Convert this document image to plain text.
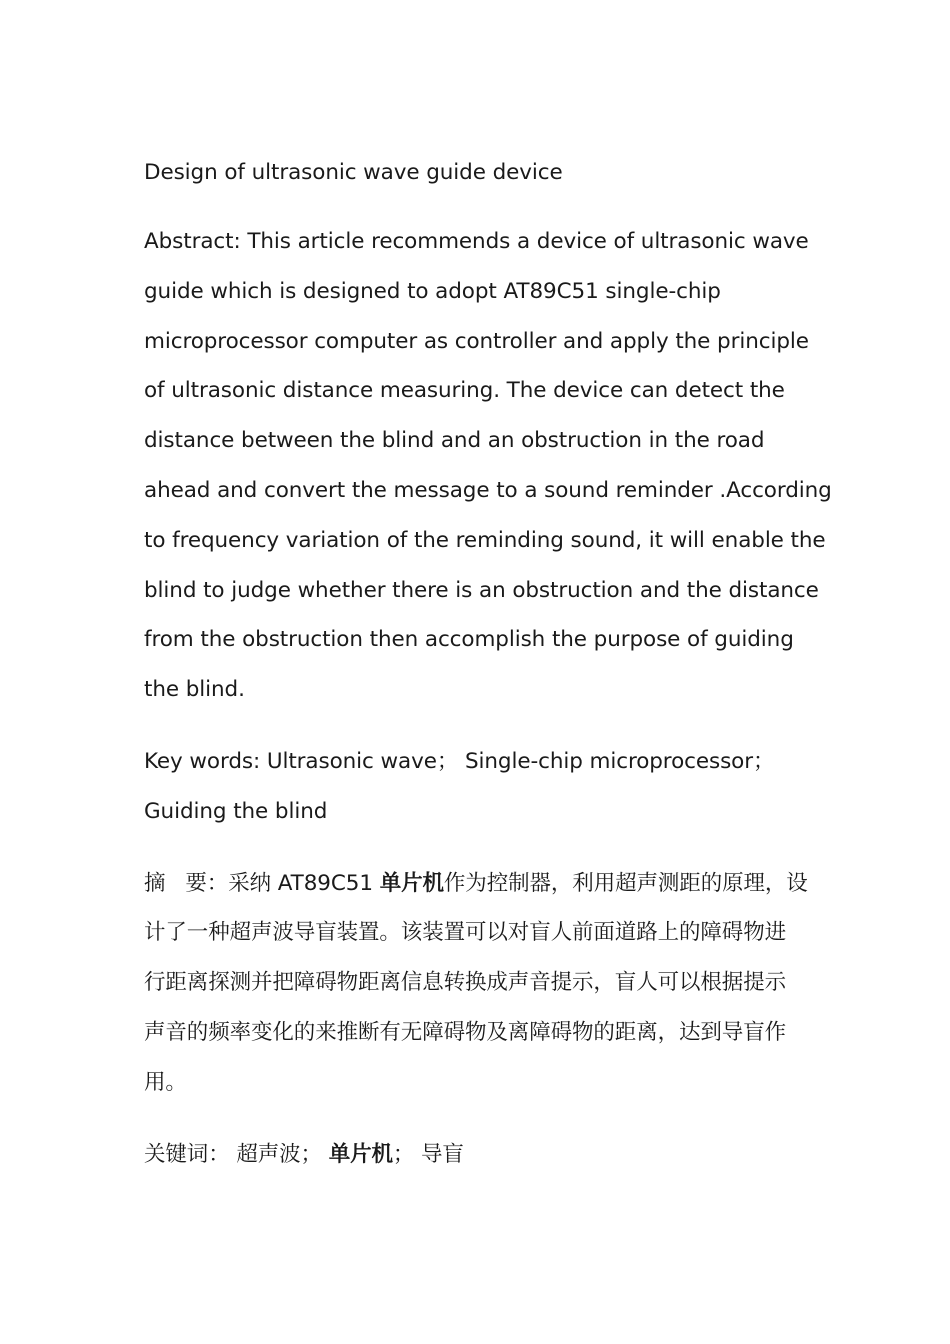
Design of ultrasonic wave guide device
Abstract: This article recommends a device of ultrasonic wave
guide which is designed to adopt AT89C51 single-chip
microprocessor computer as controller and apply the principle
of ultrasonic distance measuring. The device can detect the
distance between the blind and an obstruction in the road
ahead and convert the message to a sound reminder .According
to frequency variation of the reminding sound, it will enable the
blind to judge whether there is an obstruction and the distance
from the obstruction then accomplish the purpose of guiding
the blind.
Key words: Ultrasonic wave； Single-chip microprocessor；
Guiding the blind
摘 要：采纳 AT89C51 单片机作为控制器，利用超声测距的原理，设
计了一种超声波导盲装置。该装置可以对盲人前面道路上的障碍物进
行距离探测并把障碍物距离信息转换成声音提示，盲人可以根据提示
声音的频率变化的来推断有无障碍物及离障碍物的距离，达到导盲作
用。
关键词： 超声波； 单片机； 导盲
